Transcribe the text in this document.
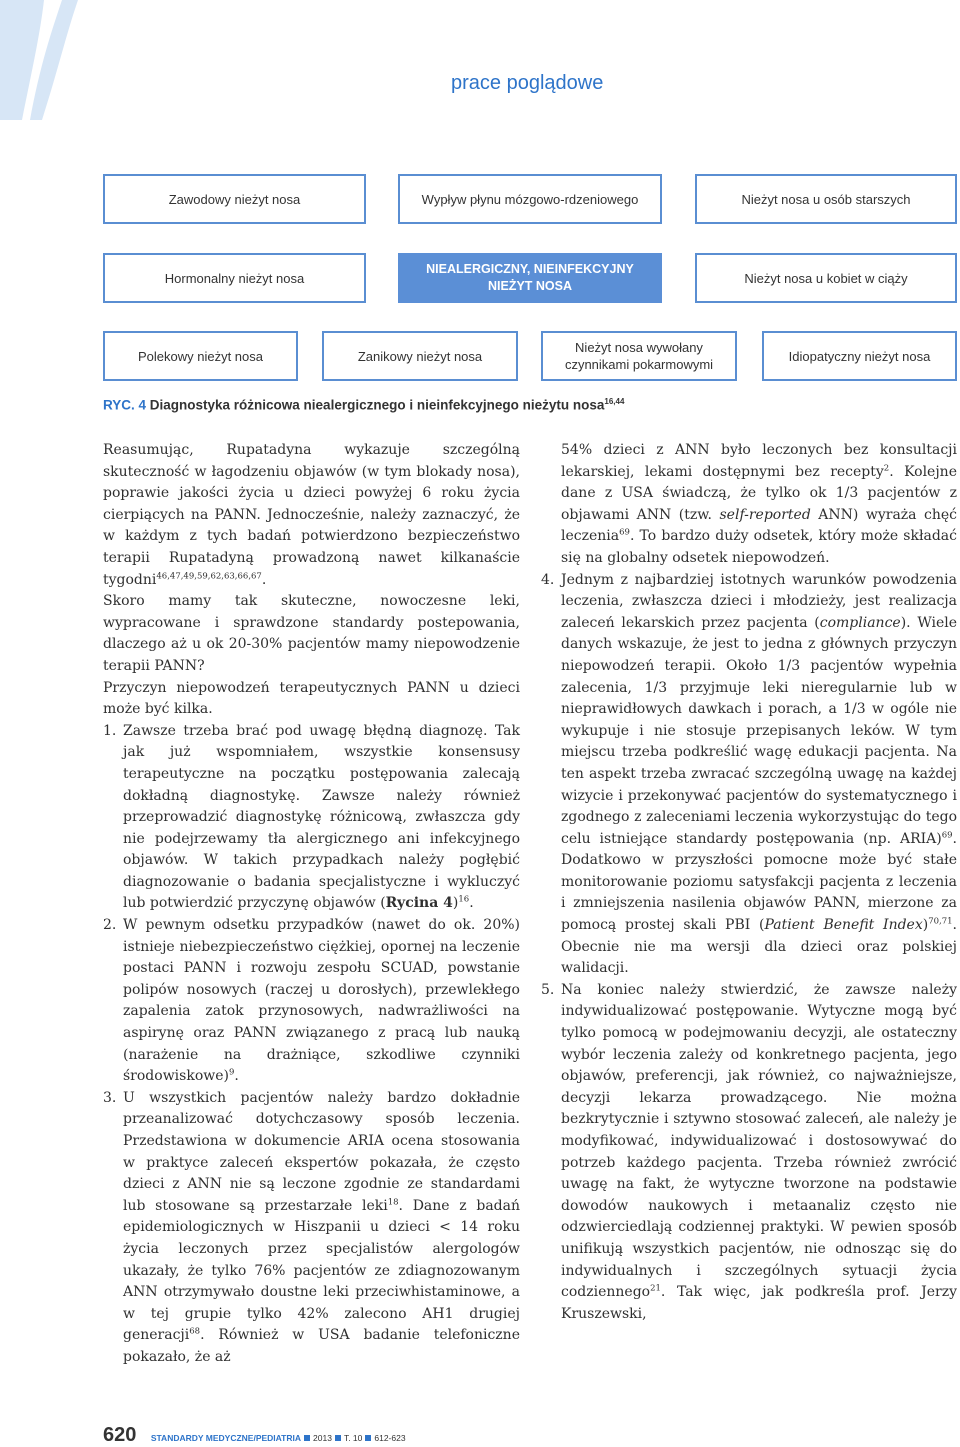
prace poglądowe
Zawodowy nieżyt nosa	Wypływ płynu mózgowo-rdzeniowego	Nieżyt nosa u osób starszych
Hormonalny nieżyt nosa
NIEALERGICZNY, NIEINFEKCYJNY
NIEŻYT NOSA
Nieżyt nosa u kobiet w ciąży
Polekowy nieżyt nosa	Zanikowy nieżyt nosa
Nieżyt nosa wywołany czynnikami pokarmowymi
Idiopatyczny nieżyt nosa
RYC. 4 Diagnostyka różnicowa niealergicznego i nieinfekcyjnego nieżytu nosa$^{16,44}$

Reasumując, Rupatadyna wykazuje szczególną skuteczność w łagodzeniu objawów (w tym blokady nosa), poprawie jakości życia u dzieci powyżej 6 roku życia cierpiących na PANN. Jednocześnie, należy zaznaczyć, że w każdym z tych badań potwierdzono bezpieczeństwo terapii Rupatadyną prowadzoną nawet kilkanaście tygodni$^{46,47,49,59,62,63,66,67}$.

Skoro mamy tak skuteczne, nowoczesne leki, wypracowane i sprawdzone standardy postepowania, dlaczego aż u ok 20-30% pacjentów mamy niepowodzenie terapii PANN?

Przyczyn niepowodzeń terapeutycznych PANN u dzieci może być kilka.

1. Zawsze trzeba brać pod uwagę błędną diagnozę. Tak jak już wspomniałem, wszystkie konsensusy terapeutyczne na początku postępowania zalecają dokładną diagnostykę. Zawsze należy również przeprowadzić diagnostykę różnicową, zwłaszcza gdy nie podejrzewamy tła alergicznego ani infekcyjnego objawów. W takich przypadkach należy pogłębić diagnozowanie o badania specjalistyczne i wykluczyć lub potwierdzić przyczynę objawów (Rycina 4)$^{16}$.
2. W pewnym odsetku przypadków (nawet do ok. 20%) istnieje niebezpieczeństwo ciężkiej, opornej na leczenie postaci PANN i rozwoju zespołu SCUAD, powstanie polipów nosowych (raczej u dorosłych), przewlekłego zapalenia zatok przynosowych, nadwrażliwości na aspirynę oraz PANN związanego z pracą lub nauką (narażenie na drażniące, szkodliwe czynniki środowiskowe)$^9$.
3. U wszystkich pacjentów należy bardzo dokładnie przeanalizować dotychczasowy sposób leczenia. Przedstawiona w dokumencie ARIA ocena stosowania w praktyce zaleceń ekspertów pokazała, że często dzieci z ANN nie są leczone zgodnie ze standardami lub stosowane są przestarzałe leki$^{18}$. Dane z badań epidemiologicznych w Hiszpanii u dzieci < 14 roku życia leczonych przez specjalistów alergologów ukazały, że tylko 76% pacjentów ze zdiagnozowanym ANN otrzymywało doustne leki przeciwhistaminowe, a w tej grupie tylko 42% zalecono AH1 drugiej generacji$^{68}$. Również w USA badanie telefoniczne pokazało, że aż
54% dzieci z ANN było leczonych bez konsultacji lekarskiej, lekami dostępnymi bez recepty$^2$. Kolejne dane z USA świadczą, że tylko ok 1/3 pacjentów z objawami ANN (tzw. self-reported ANN) wyraża chęć leczenia$^{69}$. To bardzo duży odsetek, który może składać się na globalny odsetek niepowodzeń.
4. Jednym z najbardziej istotnych warunków powodzenia leczenia, zwłaszcza dzieci i młodzieży, jest realizacja zaleceń lekarskich przez pacjenta (compliance). Wiele danych wskazuje, że jest to jedna z głównych przyczyn niepowodzeń terapii. Około 1/3 pacjentów wypełnia zalecenia, 1/3 przyjmuje leki nieregularnie lub w nieprawidłowych dawkach i porach, a 1/3 w ogóle nie wykupuje i nie stosuje przepisanych leków. W tym miejscu trzeba podkreślić wagę edukacji pacjenta. Na ten aspekt trzeba zwracać szczególną uwagę na każdej wizycie i przekonywać pacjentów do systematycznego i zgodnego z zaleceniami leczenia wykorzystując do tego celu istniejące standardy postępowania (np. ARIA)$^{69}$. Dodatkowo w przyszłości pomocne może być stałe monitorowanie poziomu satysfakcji pacjenta z leczenia i zmniejszenia nasilenia objawów PANN, mierzone za pomocą prostej skali PBI (Patient Benefit Index)$^{70,71}$. Obecnie nie ma wersji dla dzieci oraz polskiej walidacji.
5. Na koniec należy stwierdzić, że zawsze należy indywidualizować postępowanie. Wytyczne mogą być tylko pomocą w podejmowaniu decyzji, ale ostateczny wybór leczenia zależy od konkretnego pacjenta, jego objawów, preferencji, jak również, co najważniejsze, decyzji lekarza prowadzącego. Nie można bezkrytycznie i sztywno stosować zaleceń, ale należy je modyfikować, indywidualizować i dostosowywać do potrzeb każdego pacjenta. Trzeba również zwrócić uwagę na fakt, że wytyczne tworzone na podstawie dowodów naukowych i metaanaliz często nie odzwierciedlają codziennej praktyki. W pewien sposób unifikują wszystkich pacjentów, nie odnosząc się do indywidualnych i szczególnych sytuacji życia codziennego$^{21}$. Tak więc, jak podkreśla prof. Jerzy Kruszewski,
620 STANDARDY MEDYCZNE/PEDIATRIA 2013 T. 10 612-623
